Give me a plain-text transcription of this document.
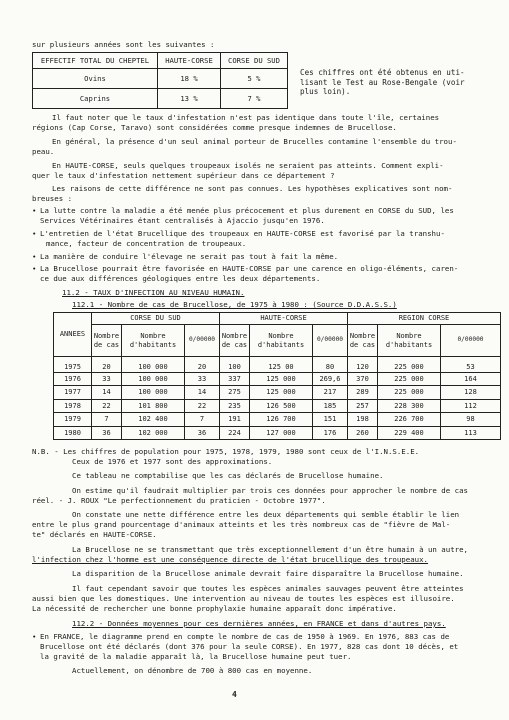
sur plusieurs années sont les suivantes :

EFFECTIF TOTAL DU CHEPTEL	HAUTE-CORSE	CORSE DU SUD
Ovins	18 %	5 %
Caprins	13 %	7 %
Ces chiffres ont été obtenus en uti-
lisant le Test au Rose-Bengale (voir
plus loin).

Il faut noter que le taux d'infestation n'est pas identique dans toute l'île, certaines

régions (Cap Corse, Taravo) sont considérées comme presque indemnes de Brucellose.

En général, la présence d'un seul animal porteur de Brucelles contamine l'ensemble du trou-

peau.

En HAUTE-CORSE, seuls quelques troupeaux isolés ne seraient pas atteints. Comment expli-

quer le taux d'infestation nettement supérieur dans ce département ?

Les raisons de cette différence ne sont pas connues. Les hypothèses explicatives sont nom-

breuses :

• La lutte contre la maladie a été menée plus précocement et plus durement en CORSE du SUD, les

Services Vétérinaires étant centralisés à Ajaccio jusqu'en 1976.

• L'entretien de l'état Brucellique des troupeaux en HAUTE-CORSE est favorisé par la transhu-

mance, facteur de concentration de troupeaux.

• La manière de conduire l'élevage ne serait pas tout à fait la même.

• La Brucellose pourrait être favorisée en HAUTE-CORSE par une carence en oligo-éléments, caren-

ce due aux différences géologiques entre les deux départements.

11.2 - TAUX D'INFECTION AU NIVEAU HUMAIN.

112.1 - Nombre de cas de Brucellose, de 1975 à 1980 : (Source D.D.A.S.S.)

ANNEES	CORSE DU SUD			HAUTE-CORSE			REGION CORSE		
	Nombre de cas	Nombre d'habitants	0/00000	Nombre de cas	Nombre d'habitants	0/00000	Nombre de cas	Nombre d'habitants	0/00000
1975	20	100 000	20	100	125 00	80	120	225 000	53
1976	33	100 000	33	337	125 000	269,6	370	225 000	164
1977	14	100 000	14	275	125 000	217	289	225 000	128
1978	22	101 800	22	235	126 500	185	257	228 300	112
1979	7	102 400	7	191	126 700	151	198	226 700	98
1980	36	102 000	36	224	127 000	176	260	229 400	113

N.B. - Les chiffres de population pour 1975, 1978, 1979, 1980 sont ceux de l'I.N.S.E.E.

Ceux de 1976 et 1977 sont des approximations.

Ce tableau ne comptabilise que les cas déclarés de Brucellose humaine.

On estime qu'il faudrait multiplier par trois ces données pour approcher le nombre de cas

réel. - J. ROUX "Le perfectionnement du praticien - Octobre 1977".

On constate une nette différence entre les deux départements qui semble établir le lien

entre le plus grand pourcentage d'animaux atteints et les très nombreux cas de "fièvre de Mal-

te" déclarés en HAUTE-CORSE.

La Brucellose ne se transmettant que très exceptionnellement d'un être humain à un autre,

l'infection chez l'homme est une conséquence directe de l'état brucellique des troupeaux.

La disparition de la Brucellose animale devrait faire disparaître la Brucellose humaine.

Il faut cependant savoir que toutes les espèces animales sauvages peuvent être atteintes

aussi bien que les domestiques. Une intervention au niveau de toutes les espèces est illusoire.

La nécessité de rechercher une bonne prophylaxie humaine apparaît donc impérative.

112.2 - Données moyennes pour ces dernières années, en FRANCE et dans d'autres pays.

• En FRANCE, le diagramme prend en compte le nombre de cas de 1950 à 1969. En 1976, 883 cas de

Brucellose ont été déclarés (dont 376 pour la seule CORSE). En 1977, 828 cas dont 10 décès, et

la gravité de la maladie apparaît là, la Brucellose humaine peut tuer.

Actuellement, on dénombre de 700 à 800 cas en moyenne.

4
